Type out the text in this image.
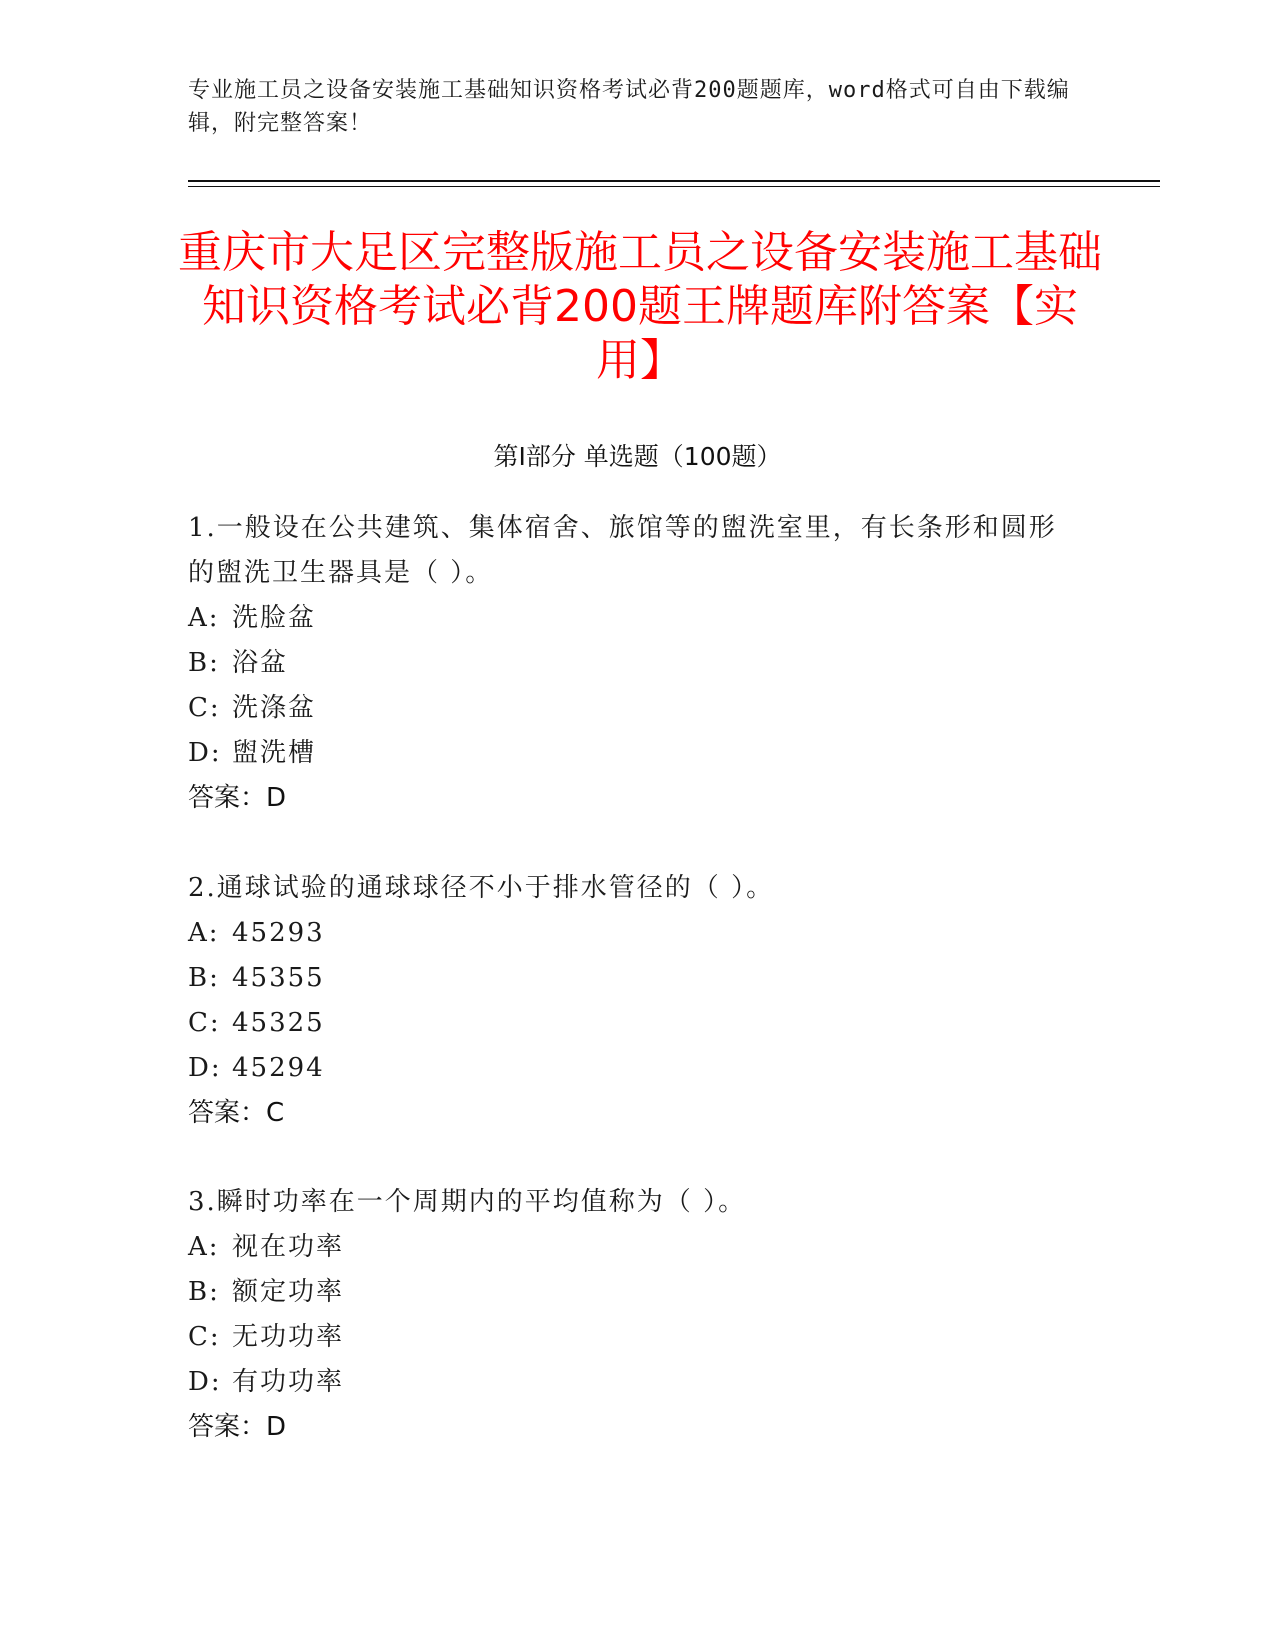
专业施工员之设备安装施工基础知识资格考试必背200题题库，word格式可自由下载编辑，附完整答案！
重庆市大足区完整版施工员之设备安装施工基础知识资格考试必背200题王牌题库附答案【实用】
第I部分 单选题（100题）
1.一般设在公共建筑、集体宿舍、旅馆等的盥洗室里，有长条形和圆形的盥洗卫生器具是（ ）。
A: 洗脸盆
B: 浴盆
C: 洗涤盆
D: 盥洗槽
答案：D
2.通球试验的通球球径不小于排水管径的（ ）。
A: 45293
B: 45355
C: 45325
D: 45294
答案：C
3.瞬时功率在一个周期内的平均值称为（ ）。
A: 视在功率
B: 额定功率
C: 无功功率
D: 有功功率
答案：D
